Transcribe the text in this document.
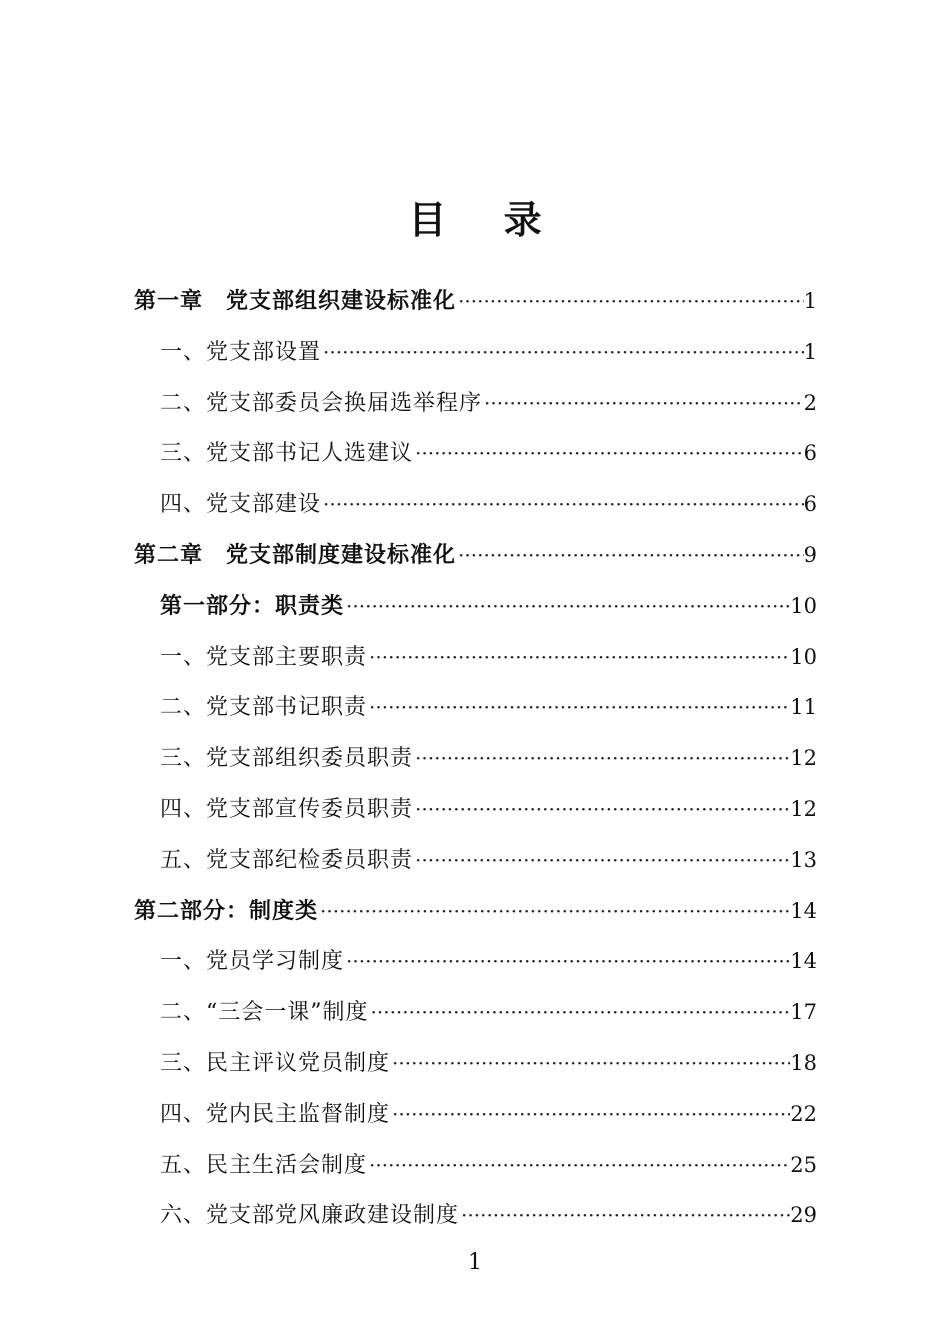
目 录
第一章　党支部组织建设标准化 ·····	1
一、党支部设置 ·····	1
二、党支部委员会换届选举程序 ·····	2
三、党支部书记人选建议 ·····	6
四、党支部建设 ·····	6
第二章　党支部制度建设标准化 ·····	9
第一部分：职责类 ·····	10
一、党支部主要职责 ·····	10
二、党支部书记职责 ·····	11
三、党支部组织委员职责 ·····	12
四、党支部宣传委员职责 ·····	12
五、党支部纪检委员职责 ·····	13
第二部分：制度类 ·····	14
一、党员学习制度 ·····	14
二、“三会一课”制度 ·····	17
三、民主评议党员制度 ·····	18
四、党内民主监督制度 ·····	22
五、民主生活会制度 ·····	25
六、党支部党风廉政建设制度 ·····	29
1
